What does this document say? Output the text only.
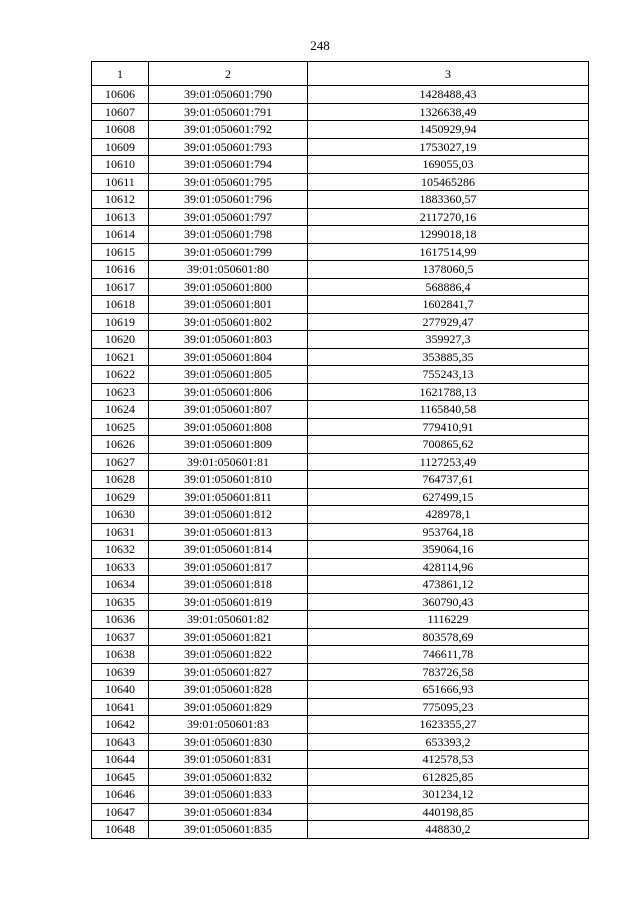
248
1	2	3
10606	39:01:050601:790	1428488,43
10607	39:01:050601:791	1326638,49
10608	39:01:050601:792	1450929,94
10609	39:01:050601:793	1753027,19
10610	39:01:050601:794	169055,03
10611	39:01:050601:795	105465286
10612	39:01:050601:796	1883360,57
10613	39:01:050601:797	2117270,16
10614	39:01:050601:798	1299018,18
10615	39:01:050601:799	1617514,99
10616	39:01:050601:80	1378060,5
10617	39:01:050601:800	568886,4
10618	39:01:050601:801	1602841,7
10619	39:01:050601:802	277929,47
10620	39:01:050601:803	359927,3
10621	39:01:050601:804	353885,35
10622	39:01:050601:805	755243,13
10623	39:01:050601:806	1621788,13
10624	39:01:050601:807	1165840,58
10625	39:01:050601:808	779410,91
10626	39:01:050601:809	700865,62
10627	39:01:050601:81	1127253,49
10628	39:01:050601:810	764737,61
10629	39:01:050601:811	627499,15
10630	39:01:050601:812	428978,1
10631	39:01:050601:813	953764,18
10632	39:01:050601:814	359064,16
10633	39:01:050601:817	428114,96
10634	39:01:050601:818	473861,12
10635	39:01:050601:819	360790,43
10636	39:01:050601:82	1116229
10637	39:01:050601:821	803578,69
10638	39:01:050601:822	746611,78
10639	39:01:050601:827	783726,58
10640	39:01:050601:828	651666,93
10641	39:01:050601:829	775095,23
10642	39:01:050601:83	1623355,27
10643	39:01:050601:830	653393,2
10644	39:01:050601:831	412578,53
10645	39:01:050601:832	612825,85
10646	39:01:050601:833	301234,12
10647	39:01:050601:834	440198,85
10648	39:01:050601:835	448830,2
